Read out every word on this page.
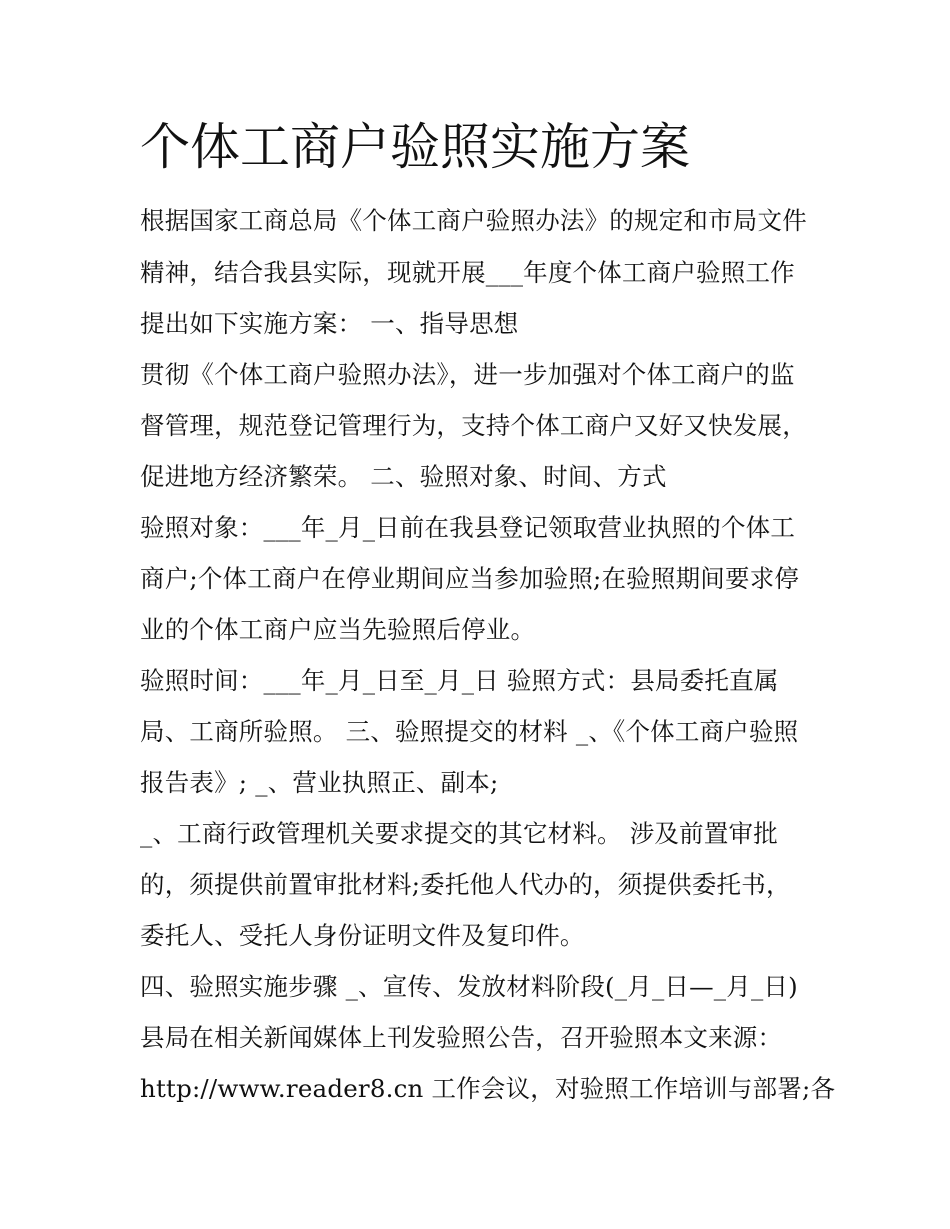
个体工商户验照实施方案
根据国家工商总局《个体工商户验照办法》的规定和市局文件
精神，结合我县实际，现就开展___年度个体工商户验照工作
提出如下实施方案： 一、指导思想
贯彻《个体工商户验照办法》，进一步加强对个体工商户的监
督管理，规范登记管理行为，支持个体工商户又好又快发展，
促进地方经济繁荣。 二、验照对象、时间、方式
验照对象：___年_月_日前在我县登记领取营业执照的个体工
商户;个体工商户在停业期间应当参加验照;在验照期间要求停
业的个体工商户应当先验照后停业。
验照时间：___年_月_日至_月_日 验照方式：县局委托直属
局、工商所验照。 三、验照提交的材料 _、《个体工商户验照
报告表》; _、营业执照正、副本;
_、工商行政管理机关要求提交的其它材料。 涉及前置审批
的，须提供前置审批材料;委托他人代办的，须提供委托书，
委托人、受托人身份证明文件及复印件。
四、验照实施步骤 _、宣传、发放材料阶段(_月_日—_月_日)
县局在相关新闻媒体上刊发验照公告，召开验照本文来源：
http://www.reader8.cn 工作会议，对验照工作培训与部署;各
